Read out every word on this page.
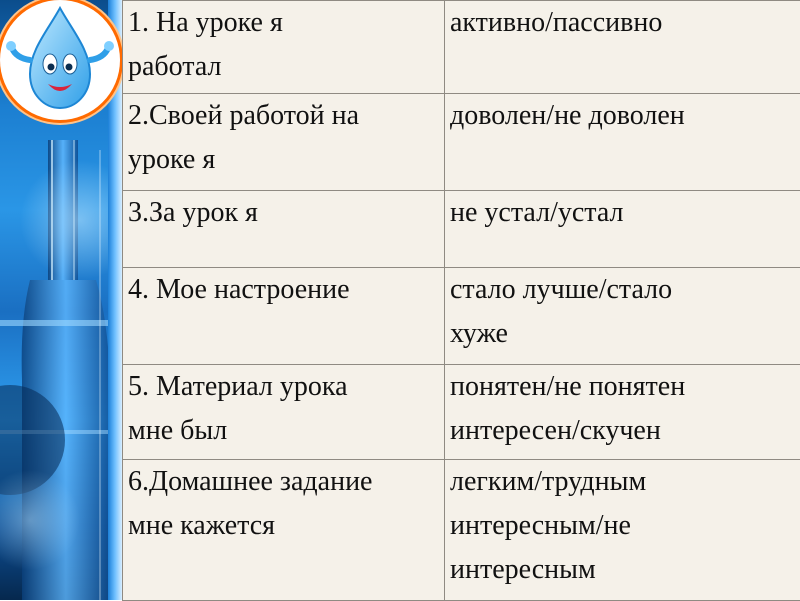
1. На уроке я
работал	активно/пассивно

2.Своей работой на
уроке я	доволен/не доволен

3.За урок я	не устал/устал

4. Мое настроение	стало лучше/стало
хуже

5. Материал урока
мне был	понятен/не понятен
интересен/скучен

6.Домашнее задание
мне кажется	легким/трудным
интересным/не
интересным
